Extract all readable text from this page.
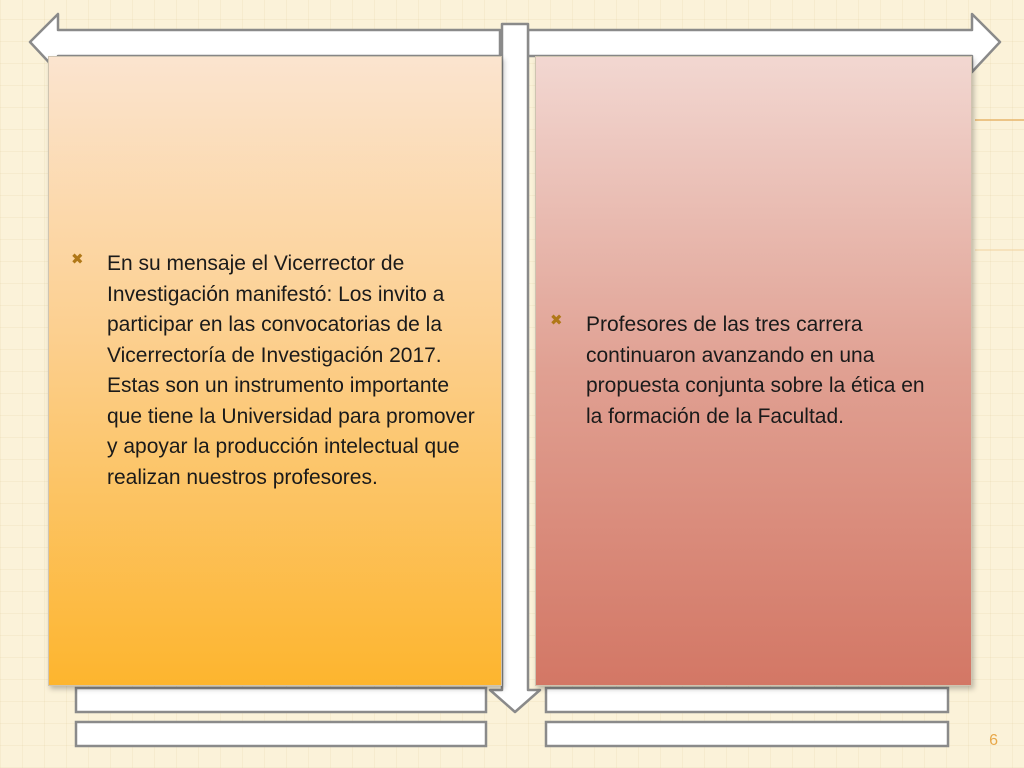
✖ En su mensaje el Vicerrector de Investigación manifestó: Los invito a participar en las convocatorias de la Vicerrectoría de Investigación 2017. Estas son un instrumento importante que tiene la Universidad para promover y apoyar la producción intelectual que realizan nuestros profesores.
✖ Profesores de las tres carrera continuaron avanzando en una propuesta conjunta sobre la ética en la formación de la Facultad.
6
